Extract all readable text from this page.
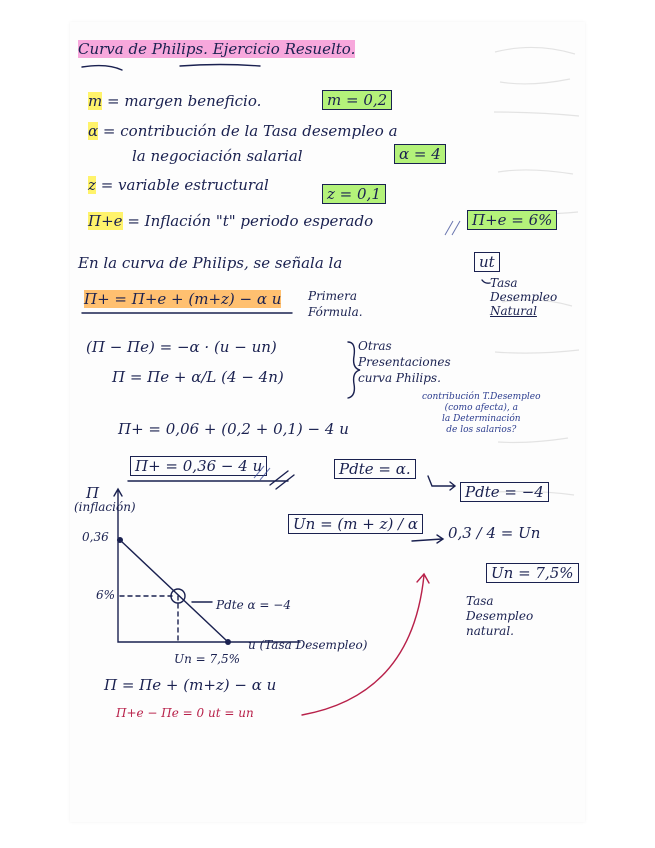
Curva de Philips. Ejercicio Resuelto.
m = margen beneficio.	m = 0,2
α = contribución de la Tasa desempleo a
la negociación salarial	α = 4
z = variable estructural	z = 0,1
Π+e = Inflación "t" periodo esperado	Π+e = 6%
En la curva de Philips, se señala la	ut
Tasa
Desempleo
Natural
Π+ = Π+e + (m+z) − α u Primera
Fórmula.
(Π − Πe) = −α · (u − un)
Π = Πe + α/L (4 − 4n)
Otras
Presentaciones
curva Philips.
Π+ = 0,06 + (0,2 + 0,1) − 4 u
contribución T.Desempleo
(como afecta), a
la Determinación
de los salarios?
Π+ = 0,36 − 4 u	Pdte = α.
Pdte = −4
Un = (m + z) / α	0,3 / 4 = Un
Un = 7,5%
Tasa
Desempleo
natural.
Π
(inflación)
0,36
6%
u (Tasa Desempleo)
Un = 7,5%
Pdte α = −4
Π = Πe + (m+z) − α u
Π+e − Πe = 0 ut = un
